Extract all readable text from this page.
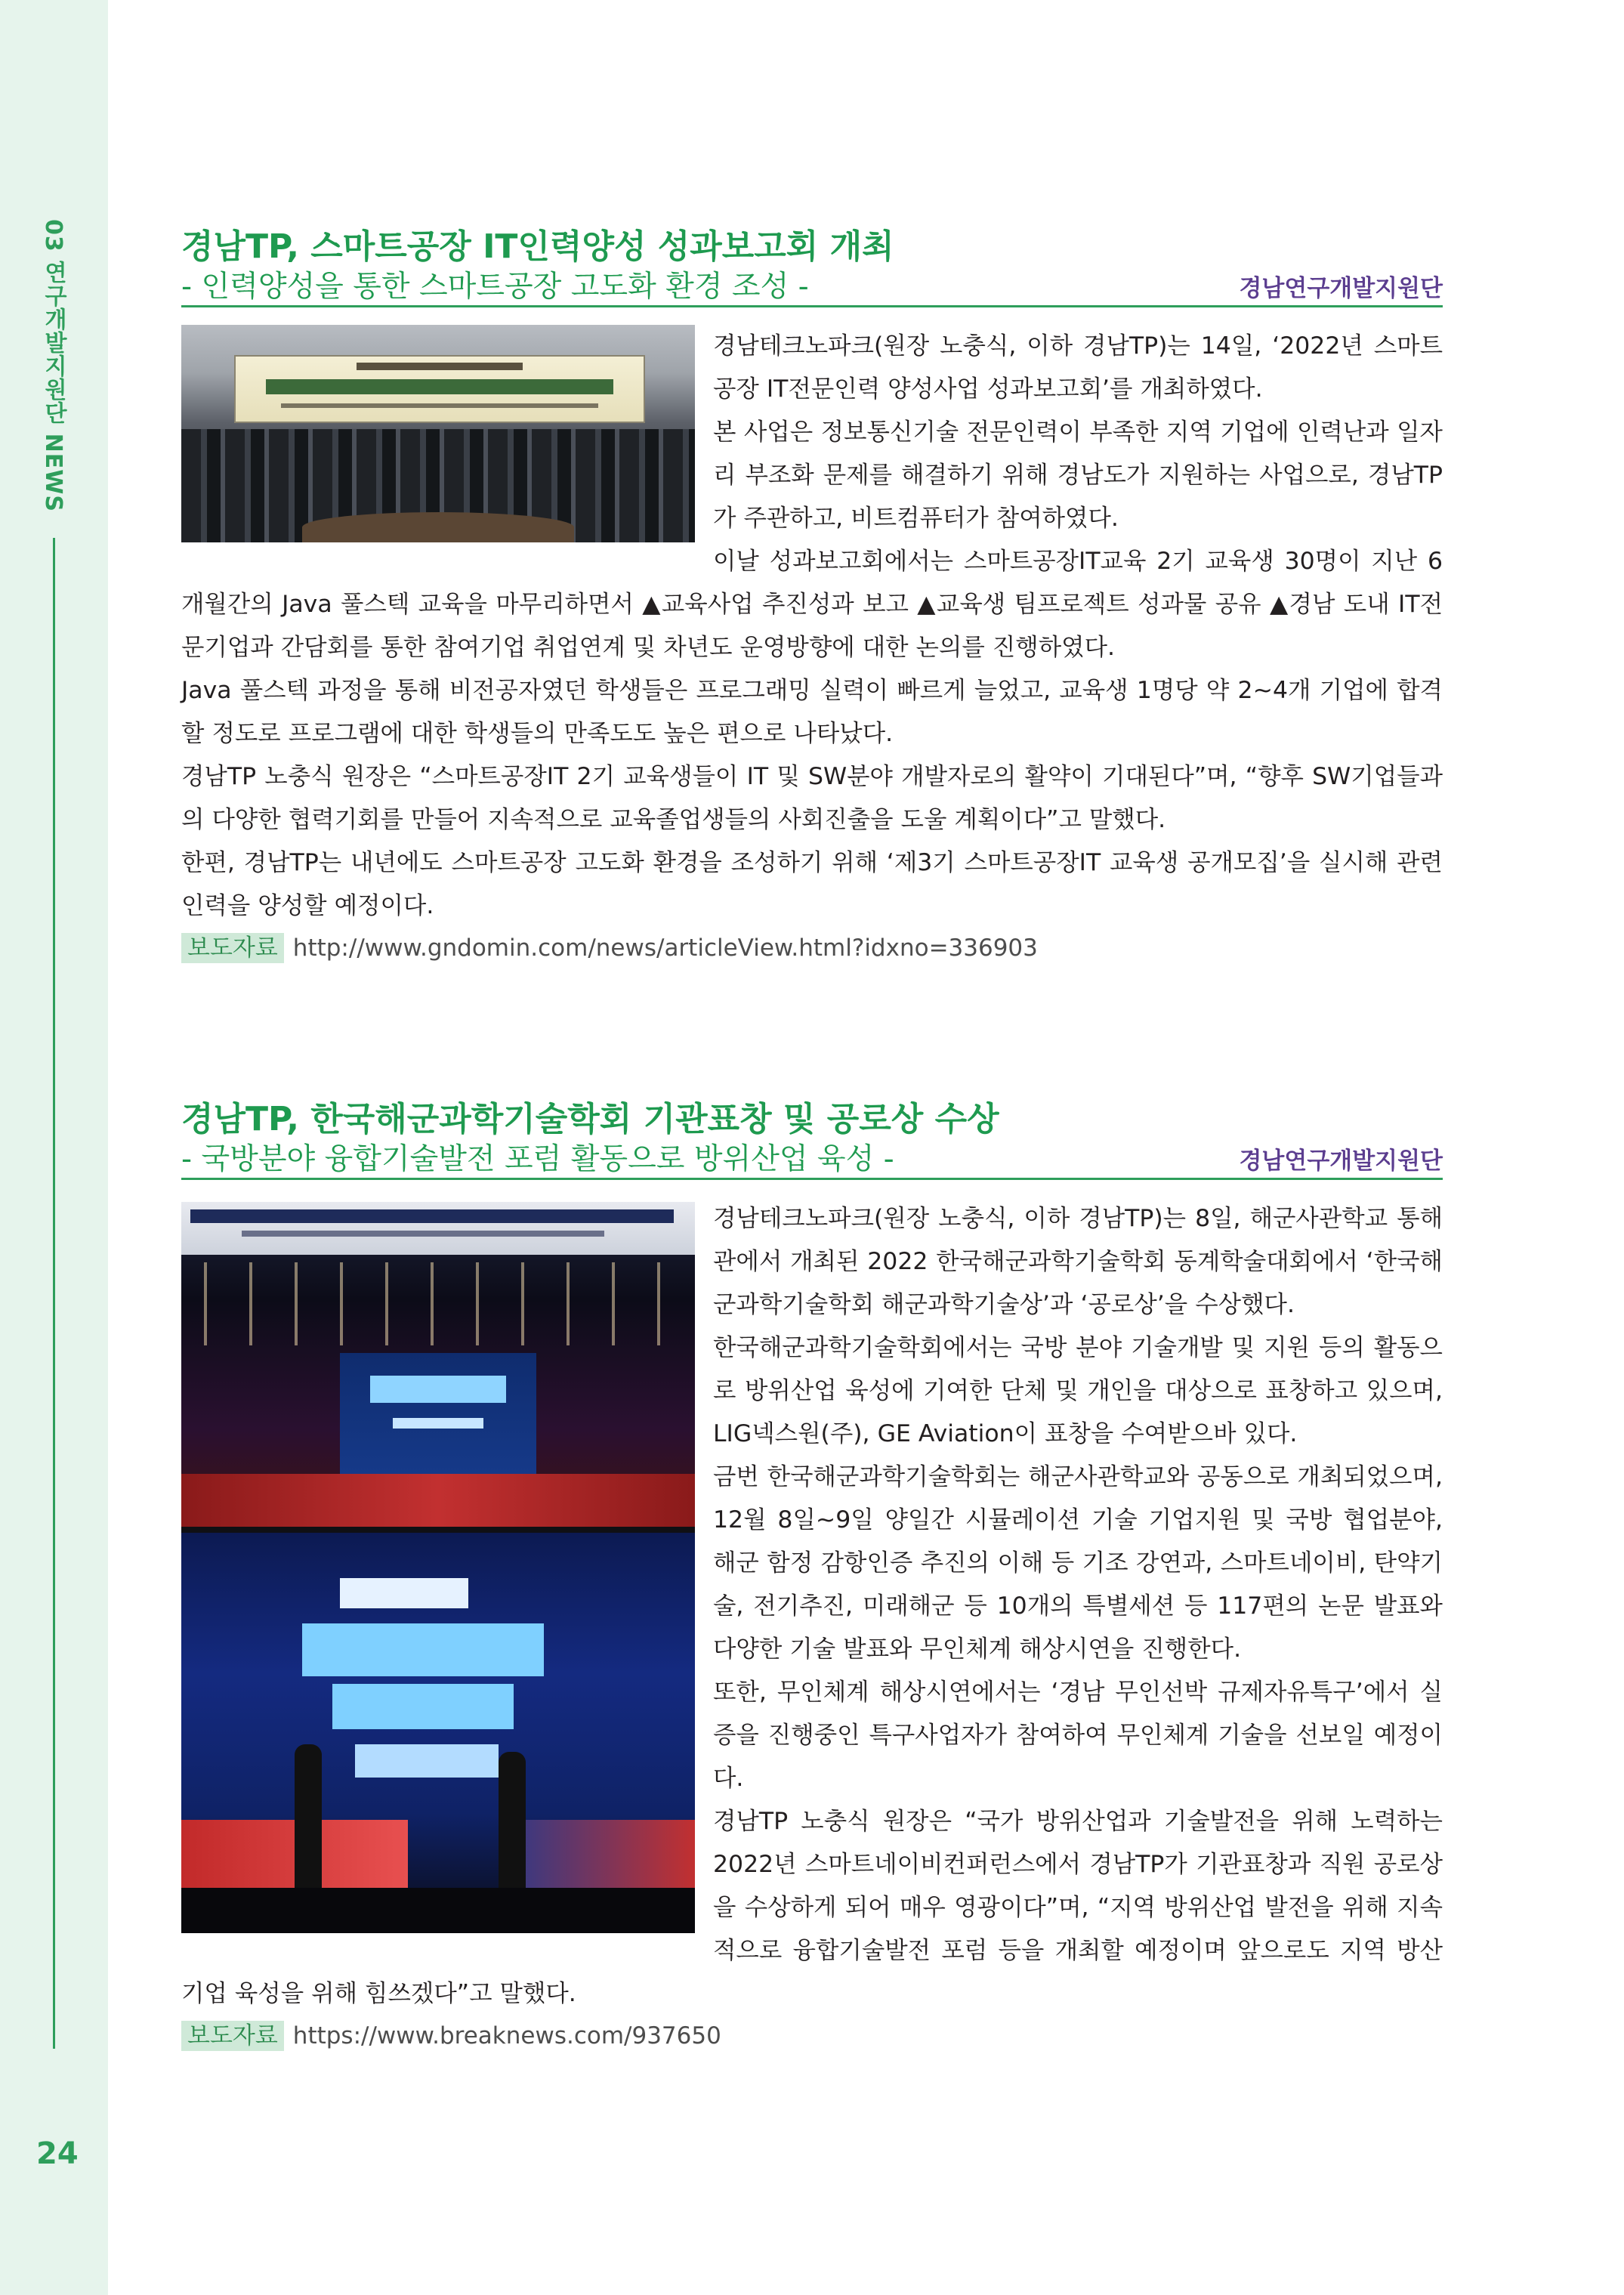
03 연구개발지원단 NEWS
24
경남TP, 스마트공장 IT인력양성 성과보고회 개최
- 인력양성을 통한 스마트공장 고도화 환경 조성 -	경남연구개발지원단

경남테크노파크(원장 노충식, 이하 경남TP)는 14일, ‘2022년 스마트공장 IT전문인력 양성사업 성과보고회’를 개최하였다.

본 사업은 정보통신기술 전문인력이 부족한 지역 기업에 인력난과 일자리 부조화 문제를 해결하기 위해 경남도가 지원하는 사업으로, 경남TP가 주관하고, 비트컴퓨터가 참여하였다.

이날 성과보고회에서는 스마트공장IT교육 2기 교육생 30명이 지난 6개월간의 Java 풀스텍 교육을 마무리하면서 ▲교육사업 추진성과 보고 ▲교육생 팀프로젝트 성과물 공유 ▲경남 도내 IT전문기업과 간담회를 통한 참여기업 취업연계 및 차년도 운영방향에 대한 논의를 진행하였다.

Java 풀스텍 과정을 통해 비전공자였던 학생들은 프로그래밍 실력이 빠르게 늘었고, 교육생 1명당 약 2~4개 기업에 합격할 정도로 프로그램에 대한 학생들의 만족도도 높은 편으로 나타났다.

경남TP 노충식 원장은 “스마트공장IT 2기 교육생들이 IT 및 SW분야 개발자로의 활약이 기대된다”며, “향후 SW기업들과의 다양한 협력기회를 만들어 지속적으로 교육졸업생들의 사회진출을 도울 계획이다”고 말했다.

한편, 경남TP는 내년에도 스마트공장 고도화 환경을 조성하기 위해 ‘제3기 스마트공장IT 교육생 공개모집’을 실시해 관련 인력을 양성할 예정이다.

보도자료 http://www.gndomin.com/news/articleView.html?idxno=336903
경남TP, 한국해군과학기술학회 기관표창 및 공로상 수상
- 국방분야 융합기술발전 포럼 활동으로 방위산업 육성 -	경남연구개발지원단

경남테크노파크(원장 노충식, 이하 경남TP)는 8일, 해군사관학교 통해관에서 개최된 2022 한국해군과학기술학회 동계학술대회에서 ‘한국해군과학기술학회 해군과학기술상’과 ‘공로상’을 수상했다.

한국해군과학기술학회에서는 국방 분야 기술개발 및 지원 등의 활동으로 방위산업 육성에 기여한 단체 및 개인을 대상으로 표창하고 있으며, LIG넥스원(주), GE Aviation이 표창을 수여받으바 있다.

금번 한국해군과학기술학회는 해군사관학교와 공동으로 개최되었으며, 12월 8일~9일 양일간 시뮬레이션 기술 기업지원 및 국방 협업분야, 해군 함정 감항인증 추진의 이해 등 기조 강연과, 스마트네이비, 탄약기술, 전기추진, 미래해군 등 10개의 특별세션 등 117편의 논문 발표와 다양한 기술 발표와 무인체계 해상시연을 진행한다.

또한, 무인체계 해상시연에서는 ‘경남 무인선박 규제자유특구’에서 실증을 진행중인 특구사업자가 참여하여 무인체계 기술을 선보일 예정이다.

경남TP 노충식 원장은 “국가 방위산업과 기술발전을 위해 노력하는 2022년 스마트네이비컨퍼런스에서 경남TP가 기관표창과 직원 공로상을 수상하게 되어 매우 영광이다”며, “지역 방위산업 발전을 위해 지속적으로 융합기술발전 포럼 등을 개최할 예정이며 앞으로도 지역 방산 기업 육성을 위해 힘쓰겠다”고 말했다.

보도자료 https://www.breaknews.com/937650
